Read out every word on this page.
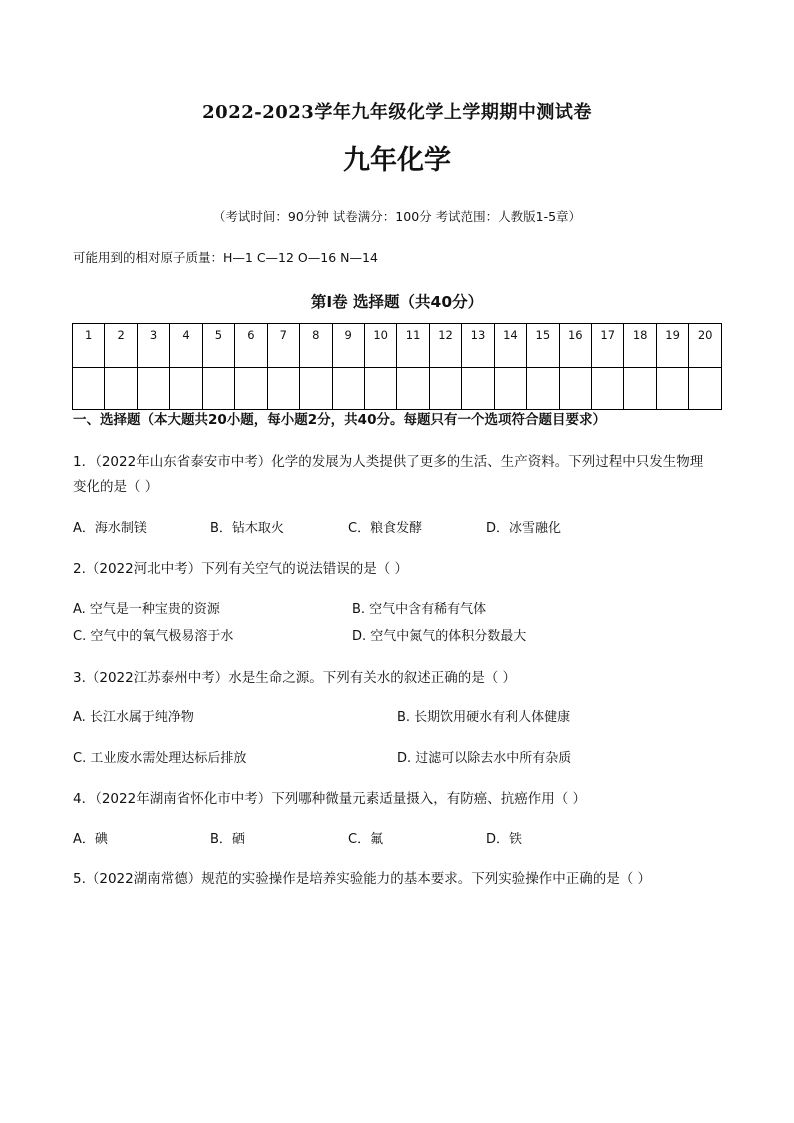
2022-2023学年九年级化学上学期期中测试卷
九年化学
（考试时间：90分钟 试卷满分：100分 考试范围：人教版1-5章）
可能用到的相对原子质量：H—1 C—12 O—16 N—14
第Ⅰ卷 选择题（共40分）
1	2	3	4	5	6	7	8	9	10	11	12	13	14	15	16	17	18	19	20

一、选择题（本大题共20小题，每小题2分，共40分。每题只有一个选项符合题目要求）
1．（2022年山东省泰安市中考）化学的发展为人类提供了更多的生活、生产资料。下列过程中只发生物理
变化的是（ ）
A．海水制镁	B．钻木取火	C．粮食发酵	D．冰雪融化
2.（2022河北中考）下列有关空气的说法错误的是（ ）
A. 空气是一种宝贵的资源	B. 空气中含有稀有气体
C. 空气中的氧气极易溶于水	D. 空气中氮气的体积分数最大
3.（2022江苏泰州中考）水是生命之源。下列有关水的叙述正确的是（ ）
A. 长江水属于纯净物	B. 长期饮用硬水有利人体健康
C. 工业废水需处理达标后排放	D. 过滤可以除去水中所有杂质
4．（2022年湖南省怀化市中考）下列哪种微量元素适量摄入，有防癌、抗癌作用（ ）
A．碘	B．硒	C．氟	D．铁
5.（2022湖南常德）规范的实验操作是培养实验能力的基本要求。下列实验操作中正确的是（ ）
